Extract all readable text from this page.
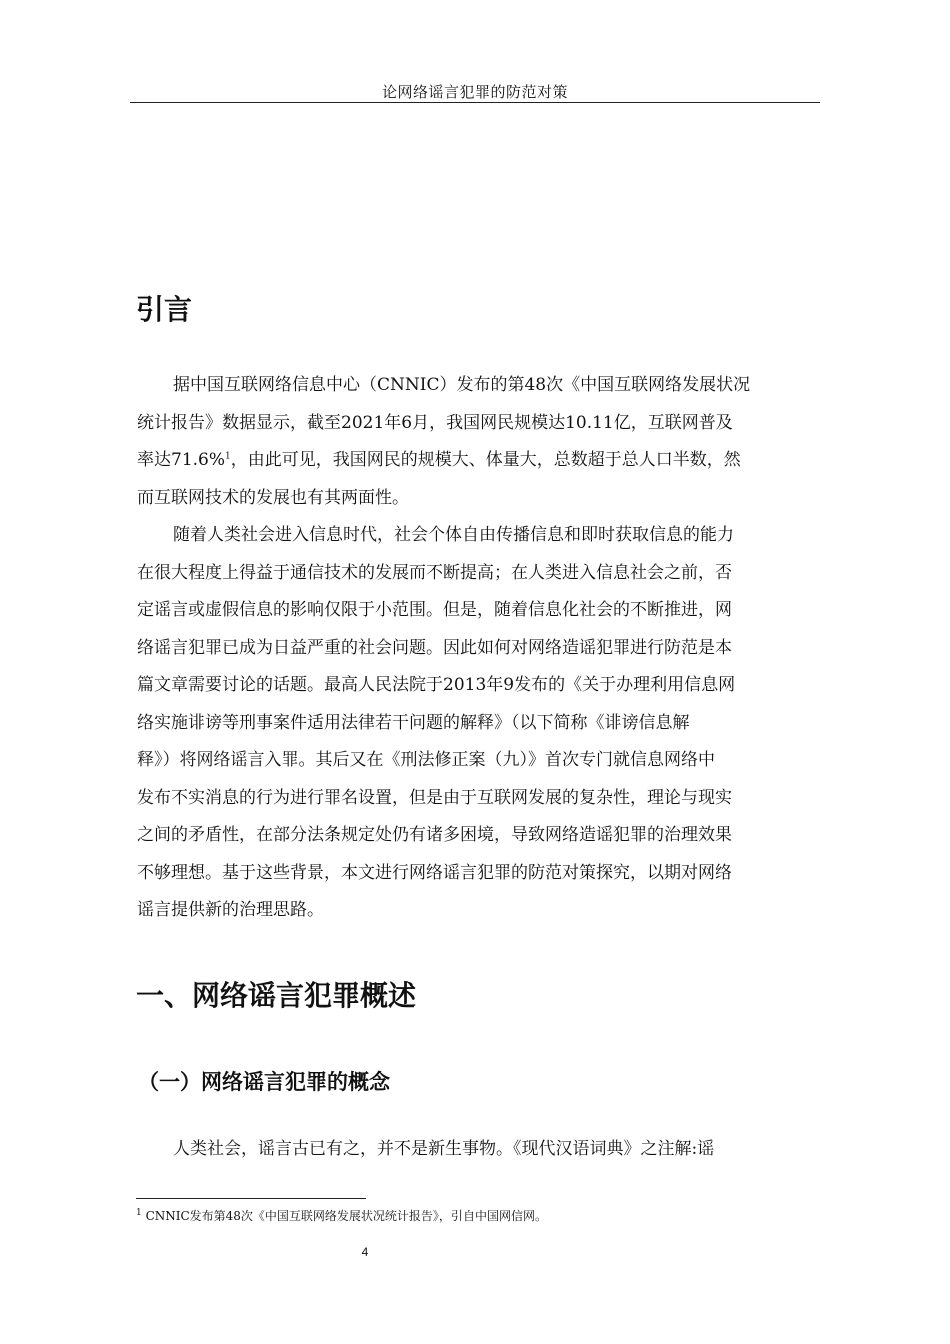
论网络谣言犯罪的防范对策
引言
据中国互联网络信息中心（CNNIC）发布的第48次《中国互联网络发展状况
统计报告》数据显示，截至2021年6月，我国网民规模达10.11亿，互联网普及
率达71.6%$^1$，由此可见，我国网民的规模大、体量大，总数超于总人口半数，然
而互联网技术的发展也有其两面性。
随着人类社会进入信息时代，社会个体自由传播信息和即时获取信息的能力
在很大程度上得益于通信技术的发展而不断提高；在人类进入信息社会之前，否
定谣言或虚假信息的影响仅限于小范围。但是，随着信息化社会的不断推进，网
络谣言犯罪已成为日益严重的社会问题。因此如何对网络造谣犯罪进行防范是本
篇文章需要讨论的话题。最高人民法院于2013年9发布的《关于办理利用信息网
络实施诽谤等刑事案件适用法律若干问题的解释》（以下简称《诽谤信息解
释》）将网络谣言入罪。其后又在《刑法修正案（九）》首次专门就信息网络中
发布不实消息的行为进行罪名设置，但是由于互联网发展的复杂性，理论与现实
之间的矛盾性，在部分法条规定处仍有诸多困境，导致网络造谣犯罪的治理效果
不够理想。基于这些背景，本文进行网络谣言犯罪的防范对策探究，以期对网络
谣言提供新的治理思路。
一、网络谣言犯罪概述
（一）网络谣言犯罪的概念
人类社会，谣言古已有之，并不是新生事物。《现代汉语词典》之注解:谣
$^1$ CNNIC发布第48次《中国互联网络发展状况统计报告》，引自中国网信网。
4
